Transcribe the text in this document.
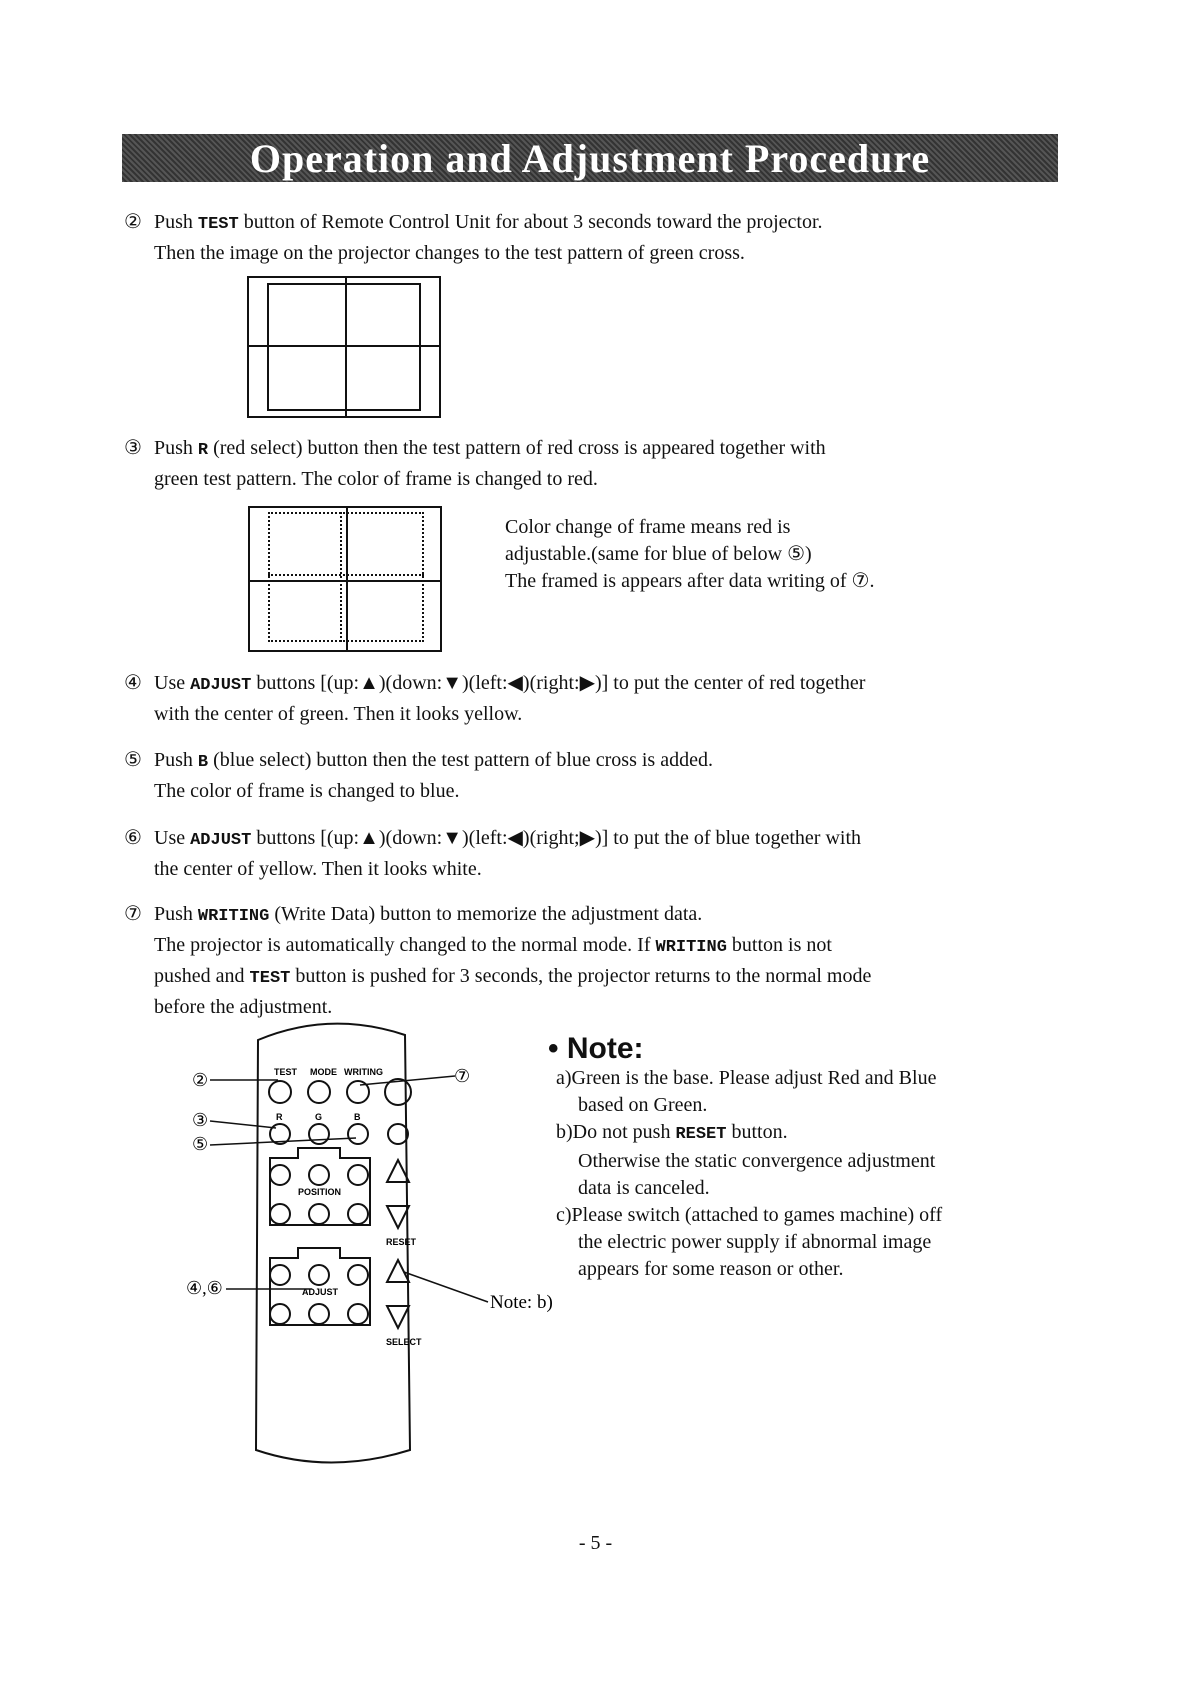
Operation and Adjustment Procedure
② Push TEST button of Remote Control Unit for about 3 seconds toward the projector.
Then the image on the projector changes to the test pattern of green cross.
③ Push R (red select) button then the test pattern of red cross is appeared together with
green test pattern. The color of frame is changed to red.
Color change of frame means red is
adjustable.(same for blue of below ⑤)
The framed is appears after data writing of ⑦.
④ Use ADJUST buttons [(up:▲)(down:▼)(left:◀)(right:▶)] to put the center of red together
with the center of green. Then it looks yellow.
⑤ Push B (blue select) button then the test pattern of blue cross is added.
The color of frame is changed to blue.
⑥ Use ADJUST buttons [(up:▲)(down:▼)(left:◀)(right;▶)] to put the of blue together with
the center of yellow. Then it looks white.
⑦ Push WRITING (Write Data) button to memorize the adjustment data.
The projector is automatically changed to the normal mode. If WRITING button is not
pushed and TEST button is pushed for 3 seconds, the projector returns to the normal mode
before the adjustment.
TEST MODE WRITING
R	G	B
POSITION
RESET
ADJUST
SELECT
②
③
⑤
④,⑥
⑦
Note: b)
• Note:
a)Green is the base. Please adjust Red and Blue
based on Green.
b)Do not push RESET button.
Otherwise the static convergence adjustment
data is canceled.
c)Please switch (attached to games machine) off
the electric power supply if abnormal image
appears for some reason or other.
- 5 -
